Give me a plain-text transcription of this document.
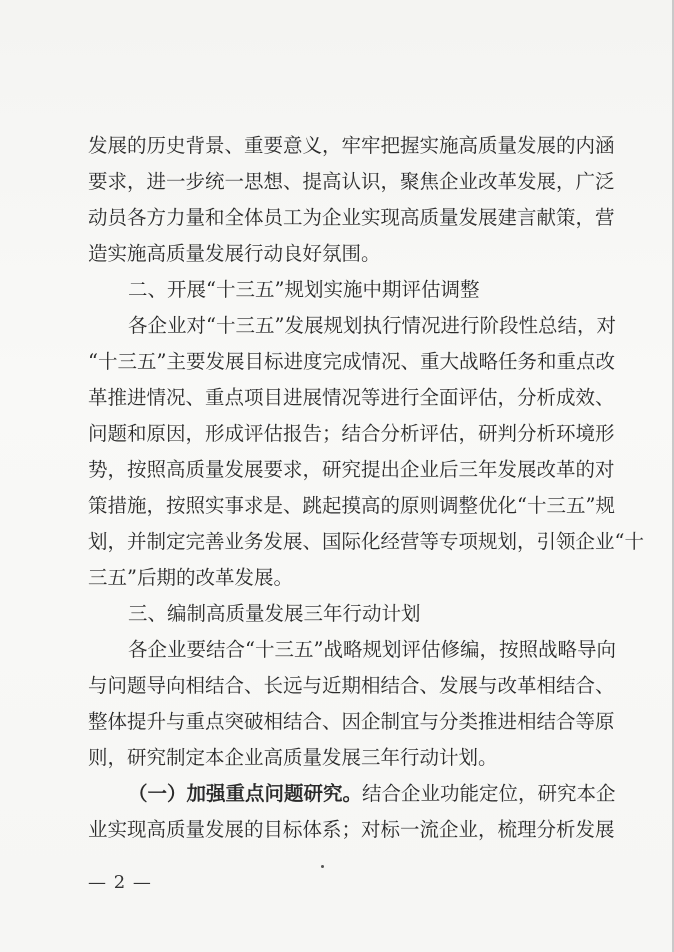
发展的历史背景、重要意义，牢牢把握实施高质量发展的内涵
要求，进一步统一思想、提高认识，聚焦企业改革发展，广泛
动员各方力量和全体员工为企业实现高质量发展建言献策，营
造实施高质量发展行动良好氛围。
二、开展“十三五”规划实施中期评估调整
各企业对“十三五”发展规划执行情况进行阶段性总结，对
“十三五”主要发展目标进度完成情况、重大战略任务和重点改
革推进情况、重点项目进展情况等进行全面评估，分析成效、
问题和原因，形成评估报告；结合分析评估，研判分析环境形
势，按照高质量发展要求，研究提出企业后三年发展改革的对
策措施，按照实事求是、跳起摸高的原则调整优化“十三五”规
划，并制定完善业务发展、国际化经营等专项规划，引领企业“十
三五”后期的改革发展。
三、编制高质量发展三年行动计划
各企业要结合“十三五”战略规划评估修编，按照战略导向
与问题导向相结合、长远与近期相结合、发展与改革相结合、
整体提升与重点突破相结合、因企制宜与分类推进相结合等原
则，研究制定本企业高质量发展三年行动计划。
（一）加强重点问题研究。 结合企业功能定位，研究本企
业实现高质量发展的目标体系；对标一流企业，梳理分析发展
— 2 —
